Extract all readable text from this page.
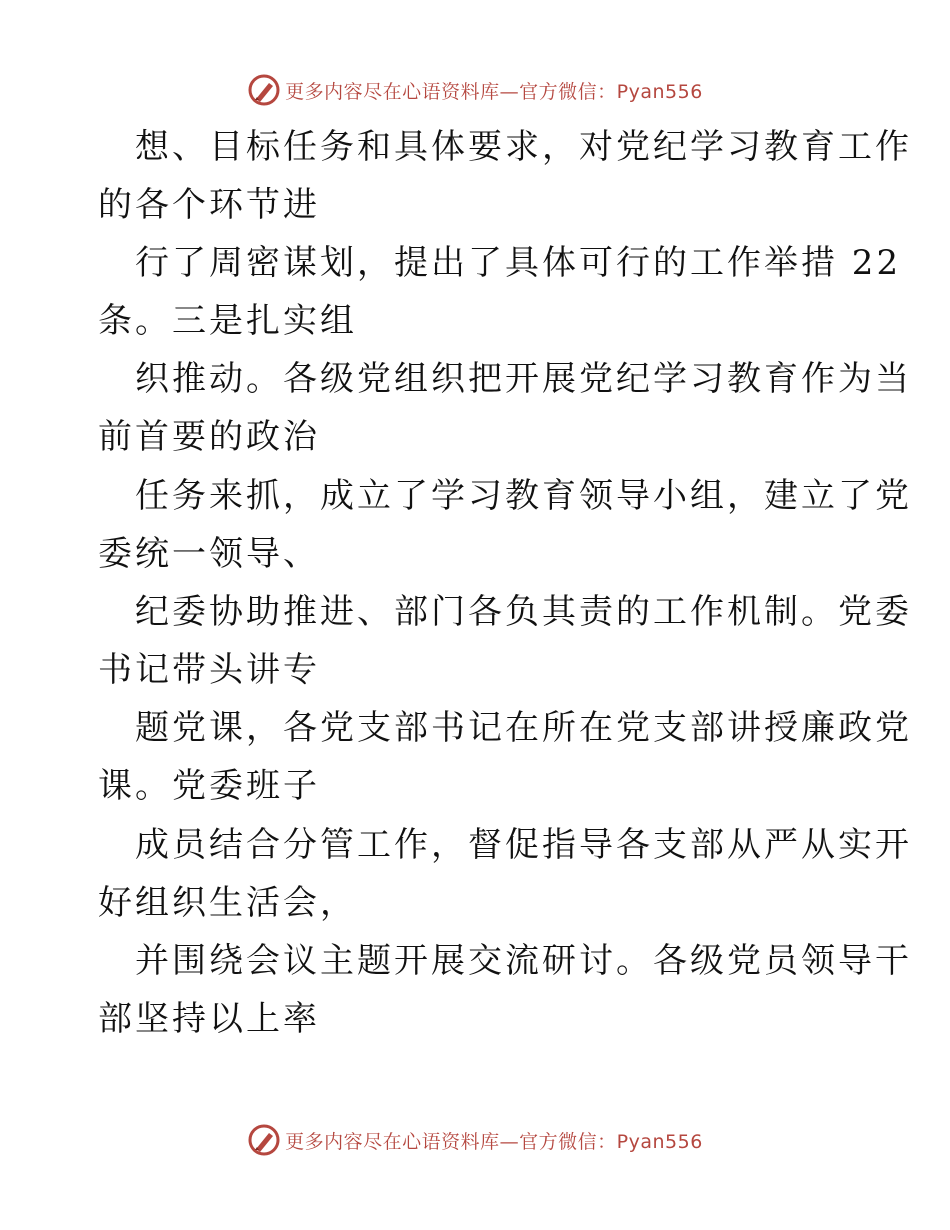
更多内容尽在心语资料库—官方微信：Pyan556
想、目标任务和具体要求，对党纪学习教育工作
的各个环节进
行了周密谋划，提出了具体可行的工作举措 22
条。三是扎实组
织推动。各级党组织把开展党纪学习教育作为当
前首要的政治
任务来抓，成立了学习教育领导小组，建立了党
委统一领导、
纪委协助推进、部门各负其责的工作机制。党委
书记带头讲专
题党课，各党支部书记在所在党支部讲授廉政党
课。党委班子
成员结合分管工作，督促指导各支部从严从实开
好组织生活会，
并围绕会议主题开展交流研讨。各级党员领导干
部坚持以上率
更多内容尽在心语资料库—官方微信：Pyan556
